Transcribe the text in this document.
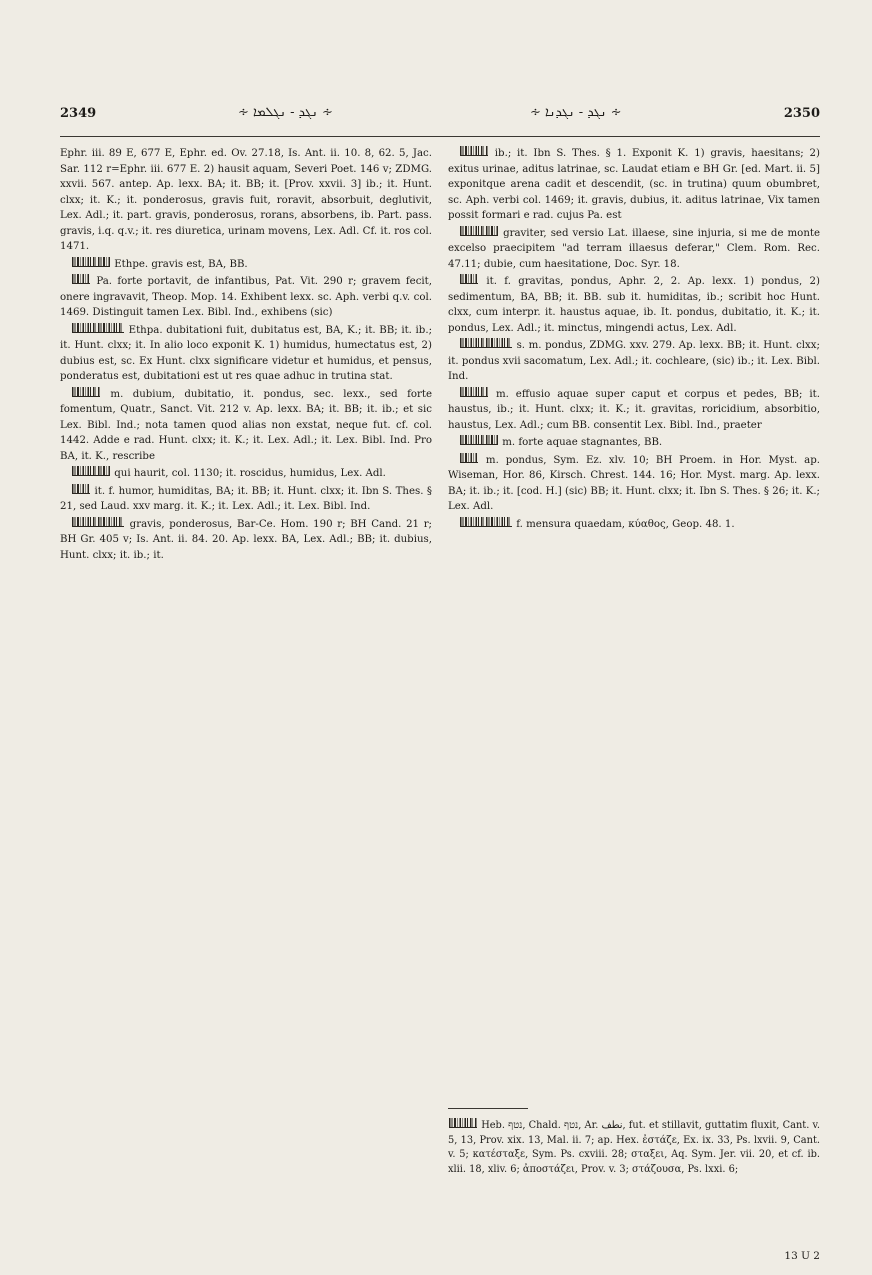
2349	∻ ܢܓܕ - ܢܓܠܡܐ ∻	∻ ܢܓܕ - ܢܓܕܢܐ ∻	2350

Ephr. iii. 89 E, 677 E, Ephr. ed. Ov. 27.18, Is. Ant. ii. 10. 8, 62. 5, Jac. Sar. 112 r=Ephr. iii. 677 E. 2) hausit aquam, Severi Poet. 146 v; ZDMG. xxvii. 567. antep. Ap. lexx. BA; it. BB; it. [Prov. xxvii. 3] ib.; it. Hunt. clxx; it. K.; it. ponderosus, gravis fuit, roravit, absorbuit, deglutivit, Lex. Adl.; it. part. gravis, ponderosus, rorans, absorbens, ib. Part. pass. gravis, i.q. q.v.; it. res diuretica, urinam movens, Lex. Adl. Cf. it. ros col. 1471.

Ethpe. gravis est, BA, BB.

Pa. forte portavit, de infantibus, Pat. Vit. 290 r; gravem fecit, onere ingravavit, Theop. Mop. 14. Exhibent lexx. sc. Aph. verbi q.v. col. 1469. Distinguit tamen Lex. Bibl. Ind., exhibens (sic)

Ethpa. dubitationi fuit, dubitatus est, BA, K.; it. BB; it. ib.; it. Hunt. clxx; it. In alio loco exponit K. 1) humidus, humectatus est, 2) dubius est, sc. Ex Hunt. clxx significare videtur et humidus, et pensus, ponderatus est, dubitationi est ut res quae adhuc in trutina stat.

m. dubium, dubitatio, it. pondus, sec. lexx., sed forte fomentum, Quatr., Sanct. Vit. 212 v. Ap. lexx. BA; it. BB; it. ib.; et sic Lex. Bibl. Ind.; nota tamen quod alias non exstat, neque fut. cf. col. 1442. Adde e rad. Hunt. clxx; it. K.; it. Lex. Adl.; it. Lex. Bibl. Ind. Pro BA, it. K., rescribe

qui haurit, col. 1130; it. roscidus, humidus, Lex. Adl.

it. f. humor, humiditas, BA; it. BB; it. Hunt. clxx; it. Ibn S. Thes. § 21, sed Laud. xxv marg. it. K.; it. Lex. Adl.; it. Lex. Bibl. Ind.

gravis, ponderosus, Bar-Ce. Hom. 190 r; BH Cand. 21 r; BH Gr. 405 v; Is. Ant. ii. 84. 20. Ap. lexx. BA, Lex. Adl.; BB; it. dubius, Hunt. clxx; it. ib.; it.

ib.; it. Ibn S. Thes. § 1. Exponit K. 1) gravis, haesitans; 2) exitus urinae, aditus latrinae, sc. Laudat etiam e BH Gr. [ed. Mart. ii. 5] exponitque arena cadit et descendit, (sc. in trutina) quum obumbret, sc. Aph. verbi col. 1469; it. gravis, dubius, it. aditus latrinae, Vix tamen possit formari e rad. cujus Pa. est

graviter, sed versio Lat. illaese, sine injuria, si me de monte excelso praecipitem "ad terram illaesus deferar," Clem. Rom. Rec. 47.11; dubie, cum haesitatione, Doc. Syr. 18.

it. f. gravitas, pondus, Aphr. 2, 2. Ap. lexx. 1) pondus, 2) sedimentum, BA, BB; it. BB. sub it. humiditas, ib.; scribit hoc Hunt. clxx, cum interpr. it. haustus aquae, ib. It. pondus, dubitatio, it. K.; it. pondus, Lex. Adl.; it. minctus, mingendi actus, Lex. Adl.

s. m. pondus, ZDMG. xxv. 279. Ap. lexx. BB; it. Hunt. clxx; it. pondus xvii sacomatum, Lex. Adl.; it. cochleare, (sic) ib.; it. Lex. Bibl. Ind.

m. effusio aquae super caput et corpus et pedes, BB; it. haustus, ib.; it. Hunt. clxx; it. K.; it. gravitas, roricidium, absorbitio, haustus, Lex. Adl.; cum BB. consentit Lex. Bibl. Ind., praeter

m. forte aquae stagnantes, BB.

m. pondus, Sym. Ez. xlv. 10; BH Proem. in Hor. Myst. ap. Wiseman, Hor. 86, Kirsch. Chrest. 144. 16; Hor. Myst. marg. Ap. lexx. BA; it. ib.; it. [cod. H.] (sic) BB; it. Hunt. clxx; it. Ibn S. Thes. § 26; it. K.; Lex. Adl.

f. mensura quaedam, κύαθος, Geop. 48. 1.

Heb. נטף, Chald. נטף, Ar. نطف, fut. et stillavit, guttatim fluxit, Cant. v. 5, 13, Prov. xix. 13, Mal. ii. 7; ap. Hex. ἐστάζε, Ex. ix. 33, Ps. lxvii. 9, Cant. v. 5; κατέσταξε, Sym. Ps. cxviii. 28; σταξει, Aq. Sym. Jer. vii. 20, et cf. ib. xlii. 18, xliv. 6; ἀποστάζει, Prov. v. 3; στάζουσα, Ps. lxxi. 6;
13 U 2
